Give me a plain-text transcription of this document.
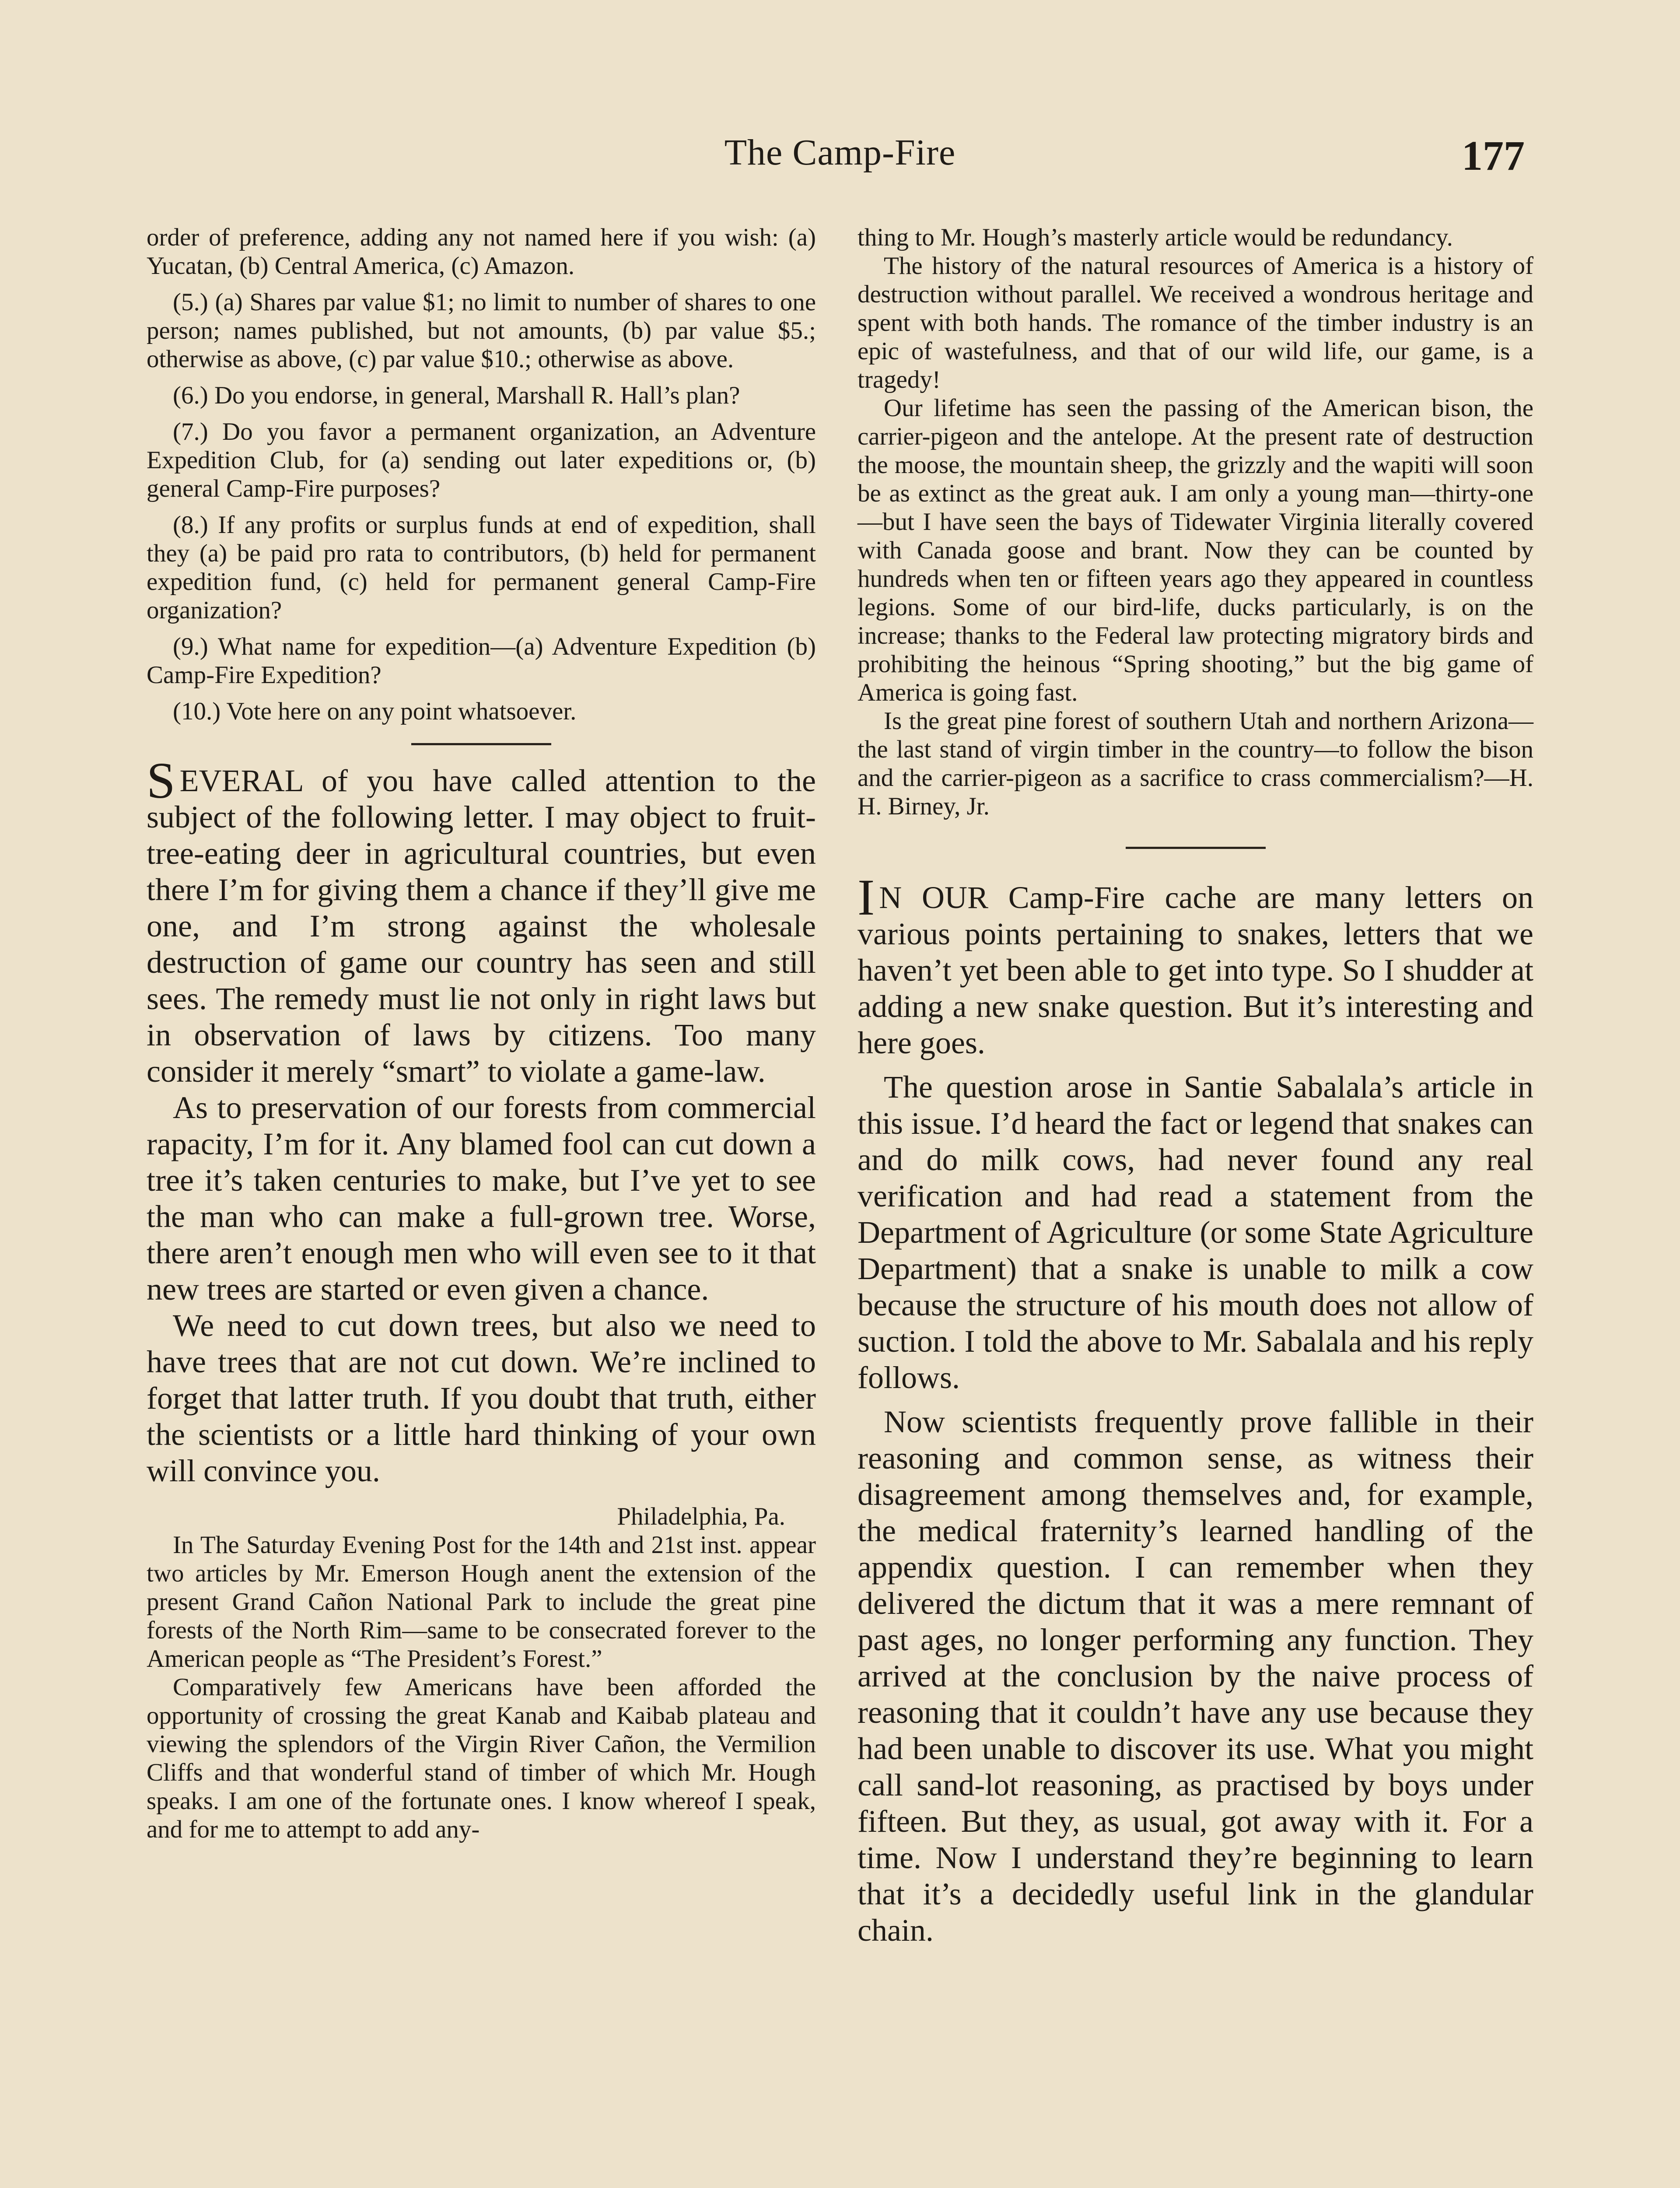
The Camp-Fire	177

order of preference, adding any not named here if you wish: (a) Yucatan, (b) Central America, (c) Amazon.

(5.) (a) Shares par value $1; no limit to number of shares to one person; names published, but not amounts, (b) par value $5.; otherwise as above, (c) par value $10.; otherwise as above.

(6.) Do you endorse, in general, Marshall R. Hall’s plan?

(7.) Do you favor a permanent organization, an Adventure Expedition Club, for (a) sending out later expeditions or, (b) general Camp-Fire purposes?

(8.) If any profits or surplus funds at end of expedition, shall they (a) be paid pro rata to contributors, (b) held for permanent expedition fund, (c) held for permanent general Camp-Fire organization?

(9.) What name for expedition—(a) Adventure Expedition (b) Camp-Fire Expedition?

(10.) Vote here on any point whatsoever.

SEVERAL of you have called attention to the subject of the following letter. I may object to fruit-tree-eating deer in agricultural countries, but even there I’m for giving them a chance if they’ll give me one, and I’m strong against the wholesale destruction of game our country has seen and still sees. The remedy must lie not only in right laws but in observation of laws by citizens. Too many consider it merely “smart” to violate a game-law.

As to preservation of our forests from commercial rapacity, I’m for it. Any blamed fool can cut down a tree it’s taken centuries to make, but I’ve yet to see the man who can make a full-grown tree. Worse, there aren’t enough men who will even see to it that new trees are started or even given a chance.

We need to cut down trees, but also we need to have trees that are not cut down. We’re inclined to forget that latter truth. If you doubt that truth, either the scientists or a little hard thinking of your own will convince you.

Philadelphia, Pa.

In The Saturday Evening Post for the 14th and 21st inst. appear two articles by Mr. Emerson Hough anent the extension of the present Grand Cañon National Park to include the great pine forests of the North Rim—same to be consecrated forever to the American people as “The President’s Forest.”

Comparatively few Americans have been afforded the opportunity of crossing the great Kanab and Kaibab plateau and viewing the splendors of the Virgin River Cañon, the Vermilion Cliffs and that wonderful stand of timber of which Mr. Hough speaks. I am one of the fortunate ones. I know whereof I speak, and for me to attempt to add any-

thing to Mr. Hough’s masterly article would be redundancy.

The history of the natural resources of America is a history of destruction without parallel. We received a wondrous heritage and spent with both hands. The romance of the timber industry is an epic of wastefulness, and that of our wild life, our game, is a tragedy!

Our lifetime has seen the passing of the American bison, the carrier-pigeon and the antelope. At the present rate of destruction the moose, the mountain sheep, the grizzly and the wapiti will soon be as extinct as the great auk. I am only a young man—thirty-one—but I have seen the bays of Tidewater Virginia literally covered with Canada goose and brant. Now they can be counted by hundreds when ten or fifteen years ago they appeared in countless legions. Some of our bird-life, ducks particularly, is on the increase; thanks to the Federal law protecting migratory birds and prohibiting the heinous “Spring shooting,” but the big game of America is going fast.

Is the great pine forest of southern Utah and northern Arizona—the last stand of virgin timber in the country—to follow the bison and the carrier-pigeon as a sacrifice to crass commercialism?—H. H. Birney, Jr.

I N OUR Camp-Fire cache are many letters on various points pertaining to snakes, letters that we haven’t yet been able to get into type. So I shudder at adding a new snake question. But it’s interesting and here goes.

The question arose in Santie Sabalala’s article in this issue. I’d heard the fact or legend that snakes can and do milk cows, had never found any real verification and had read a statement from the Department of Agriculture (or some State Agriculture Department) that a snake is unable to milk a cow because the structure of his mouth does not allow of suction. I told the above to Mr. Sabalala and his reply follows.

Now scientists frequently prove fallible in their reasoning and common sense, as witness their disagreement among themselves and, for example, the medical fraternity’s learned handling of the appendix question. I can remember when they delivered the dictum that it was a mere remnant of past ages, no longer performing any function. They arrived at the conclusion by the naive process of reasoning that it couldn’t have any use because they had been unable to discover its use. What you might call sand-lot reasoning, as practised by boys under fifteen. But they, as usual, got away with it. For a time. Now I understand they’re beginning to learn that it’s a decidedly useful link in the glandular chain.
